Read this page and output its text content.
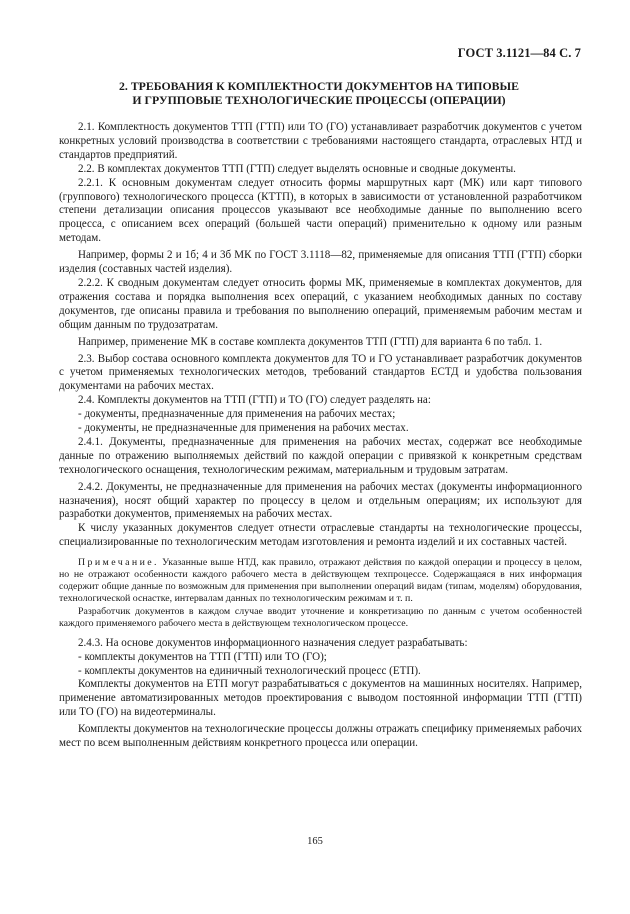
ГОСТ 3.1121—84 С. 7
2. ТРЕБОВАНИЯ К КОМПЛЕКТНОСТИ ДОКУМЕНТОВ НА ТИПОВЫЕ
И ГРУППОВЫЕ ТЕХНОЛОГИЧЕСКИЕ ПРОЦЕССЫ (ОПЕРАЦИИ)

2.1. Комплектность документов ТТП (ГТП) или ТО (ГО) устанавливает разработчик документов с учетом конкретных условий производства в соответствии с требованиями настоящего стандарта, отраслевых НТД и стандартов предприятий.

2.2. В комплектах документов ТТП (ГТП) следует выделять основные и сводные документы.

2.2.1. К основным документам следует относить формы маршрутных карт (МК) или карт типового (группового) технологического процесса (КТТП), в которых в зависимости от установленной разработчиком степени детализации описания процессов указывают все необходимые данные по выполнению всего процесса, с описанием всех операций (большей части операций) применительно к одному или разным методам.

Например, формы 2 и 1б; 4 и 3б МК по ГОСТ 3.1118—82, применяемые для описания ТТП (ГТП) сборки изделия (составных частей изделия).

2.2.2. К сводным документам следует относить формы МК, применяемые в комплектах документов, для отражения состава и порядка выполнения всех операций, с указанием необходимых данных по составу документов, где описаны правила и требования по выполнению операций, применяемым рабочим местам и общим данным по трудозатратам.

Например, применение МК в составе комплекта документов ТТП (ГТП) для варианта 6 по табл. 1.

2.3. Выбор состава основного комплекта документов для ТО и ГО устанавливает разработчик документов с учетом применяемых технологических методов, требований стандартов ЕСТД и удобства пользования документами на рабочих местах.

2.4. Комплекты документов на ТТП (ГТП) и ТО (ГО) следует разделять на:

- документы, предназначенные для применения на рабочих местах;

- документы, не предназначенные для применения на рабочих местах.

2.4.1. Документы, предназначенные для применения на рабочих местах, содержат все необходимые данные по отражению выполняемых действий по каждой операции с привязкой к конкретным средствам технологического оснащения, технологическим режимам, материальным и трудовым затратам.

2.4.2. Документы, не предназначенные для применения на рабочих местах (документы информационного назначения), носят общий характер по процессу в целом и отдельным операциям; их используют для разработки документов, применяемых на рабочих местах.

К числу указанных документов следует отнести отраслевые стандарты на технологические процессы, специализированные по технологическим методам изготовления и ремонта изделий и их составных частей.

Примечание. Указанные выше НТД, как правило, отражают действия по каждой операции и процессу в целом, но не отражают особенности каждого рабочего места в действующем техпроцессе. Содержащаяся в них информация содержит общие данные по возможным для применения при выполнении операций видам (типам, моделям) оборудования, технологической оснастке, интервалам данных по технологическим режимам и т. п.

Разработчик документов в каждом случае вводит уточнение и конкретизацию по данным с учетом особенностей каждого применяемого рабочего места в действующем технологическом процессе.

2.4.3. На основе документов информационного назначения следует разрабатывать:

- комплекты документов на ТТП (ГТП) или ТО (ГО);

- комплекты документов на единичный технологический процесс (ЕТП).

Комплекты документов на ЕТП могут разрабатываться с документов на машинных носителях. Например, применение автоматизированных методов проектирования с выводом постоянной информации ТТП (ГТП) или ТО (ГО) на видеотерминалы.

Комплекты документов на технологические процессы должны отражать специфику применяемых рабочих мест по всем выполненным действиям конкретного процесса или операции.

165
